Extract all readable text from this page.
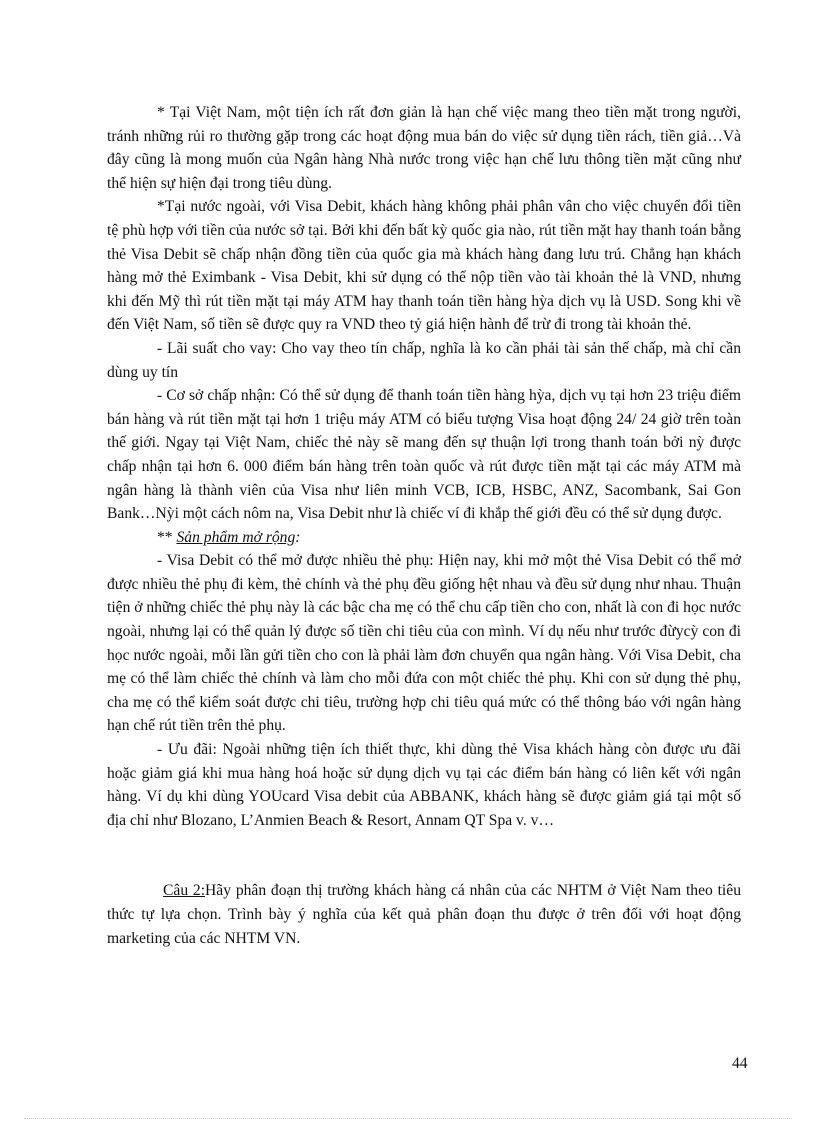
* Tại Việt Nam, một tiện ích rất đơn giản là hạn chế việc mang theo tiền mặt trong người, tránh những rủi ro thường gặp trong các hoạt động mua bán do việc sử dụng tiền rách, tiền giả…Và đây cũng là mong muốn của Ngân hàng Nhà nước trong việc hạn chế lưu thông tiền mặt cũng như thể hiện sự hiện đại trong tiêu dùng.

*Tại nước ngoài, với Visa Debit, khách hàng không phải phân vân cho việc chuyển đổi tiền tệ phù hợp với tiền của nước sở tại. Bởi khi đến bất kỳ quốc gia nào, rút tiền mặt hay thanh toán bằng thẻ Visa Debit sẽ chấp nhận đồng tiền của quốc gia mà khách hàng đang lưu trú. Chẳng hạn khách hàng mở thẻ Eximbank - Visa Debit, khi sử dụng có thể nộp tiền vào tài khoản thẻ là VND, nhưng khi đến Mỹ thì rút tiền mặt tại máy ATM hay thanh toán tiền hàng hỳa dịch vụ là USD. Song khi về đến Việt Nam, số tiền sẽ được quy ra VND theo tỷ giá hiện hành để trừ đi trong tài khoản thẻ.

- Lãi suất cho vay: Cho vay theo tín chấp, nghĩa là ko cần phải tài sản thế chấp, mà chỉ cần dùng uy tín

- Cơ sở chấp nhận: Có thể sử dụng để thanh toán tiền hàng hỳa, dịch vụ tại hơn 23 triệu điểm bán hàng và rút tiền mặt tại hơn 1 triệu máy ATM có biểu tượng Visa hoạt động 24/ 24 giờ trên toàn thế giới. Ngay tại Việt Nam, chiếc thẻ này sẽ mang đến sự thuận lợi trong thanh toán bởi nỳ được chấp nhận tại hơn 6. 000 điểm bán hàng trên toàn quốc và rút được tiền mặt tại các máy ATM mà ngân hàng là thành viên của Visa như liên minh VCB, ICB, HSBC, ANZ, Sacombank, Sai Gon Bank…Nỳi một cách nôm na, Visa Debit như là chiếc ví đi khắp thế giới đều có thể sử dụng được.

** Sản phẩm mở rộng:

- Visa Debit có thể mở được nhiều thẻ phụ: Hiện nay, khi mở một thẻ Visa Debit có thể mở được nhiều thẻ phụ đi kèm, thẻ chính và thẻ phụ đều giống hệt nhau và đều sử dụng như nhau. Thuận tiện ở những chiếc thẻ phụ này là các bậc cha mẹ có thể chu cấp tiền cho con, nhất là con đi học nước ngoài, nhưng lại có thể quản lý được số tiền chi tiêu của con mình. Ví dụ nếu như trước đừycỳ con đi học nước ngoài, mỗi lần gửi tiền cho con là phải làm đơn chuyển qua ngân hàng. Với Visa Debit, cha mẹ có thể làm chiếc thẻ chính và làm cho mỗi đứa con một chiếc thẻ phụ. Khi con sử dụng thẻ phụ, cha mẹ có thể kiểm soát được chi tiêu, trường hợp chi tiêu quá mức có thể thông báo với ngân hàng hạn chế rút tiền trên thẻ phụ.

- Ưu đãi: Ngoài những tiện ích thiết thực, khi dùng thẻ Visa khách hàng còn được ưu đãi hoặc giảm giá khi mua hàng hoá hoặc sử dụng dịch vụ tại các điểm bán hàng có liên kết với ngân hàng. Ví dụ khi dùng YOUcard Visa debit của ABBANK, khách hàng sẽ được giảm giá tại một số địa chỉ như Blozano, L’Anmien Beach & Resort, Annam QT Spa v. v…

Câu 2:Hãy phân đoạn thị trường khách hàng cá nhân của các NHTM ở Việt Nam theo tiêu thức tự lựa chọn. Trình bày ý nghĩa của kết quả phân đoạn thu được ở trên đối với hoạt động marketing của các NHTM VN.

44
